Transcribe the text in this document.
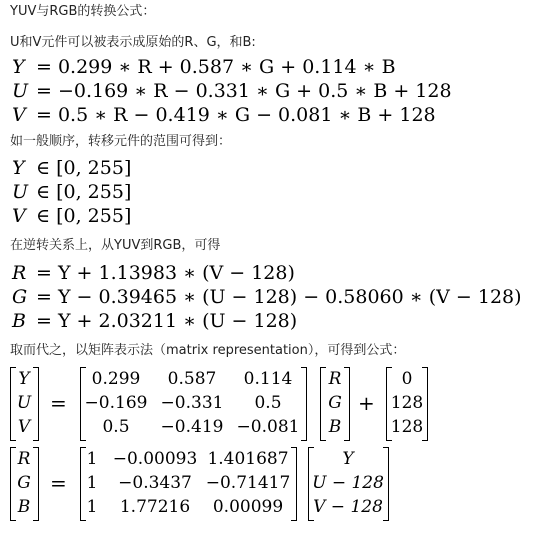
YUV与RGB的转换公式：
U和V元件可以被表示成原始的R、G，和B:
Y = 0.299 ∗ R + 0.587 ∗ G + 0.114 ∗ B
U = −0.169 ∗ R − 0.331 ∗ G + 0.5 ∗ B + 128
V = 0.5 ∗ R − 0.419 ∗ G − 0.081 ∗ B + 128
如一般顺序，转移元件的范围可得到：
Y ∈ [0, 255]
U ∈ [0, 255]
V ∈ [0, 255]
在逆转关系上，从YUV到RGB，可得
R = Y + 1.13983 ∗ (V − 128)
G = Y − 0.39465 ∗ (U − 128) − 0.58060 ∗ (V − 128)
B = Y + 2.03211 ∗ (U − 128)
取而代之，以矩阵表示法（matrix representation），可得到公式：
Y
U
V
=
0.299 0.587 0.114
−0.169 −0.331 0.5
0.5 −0.419 −0.081
R
G
B
+
0
128
128
R
G
B
=
1 −0.00093 1.401687
1 −0.3437 −0.71417
1 1.77216 0.00099
Y
U − 128
V − 128
